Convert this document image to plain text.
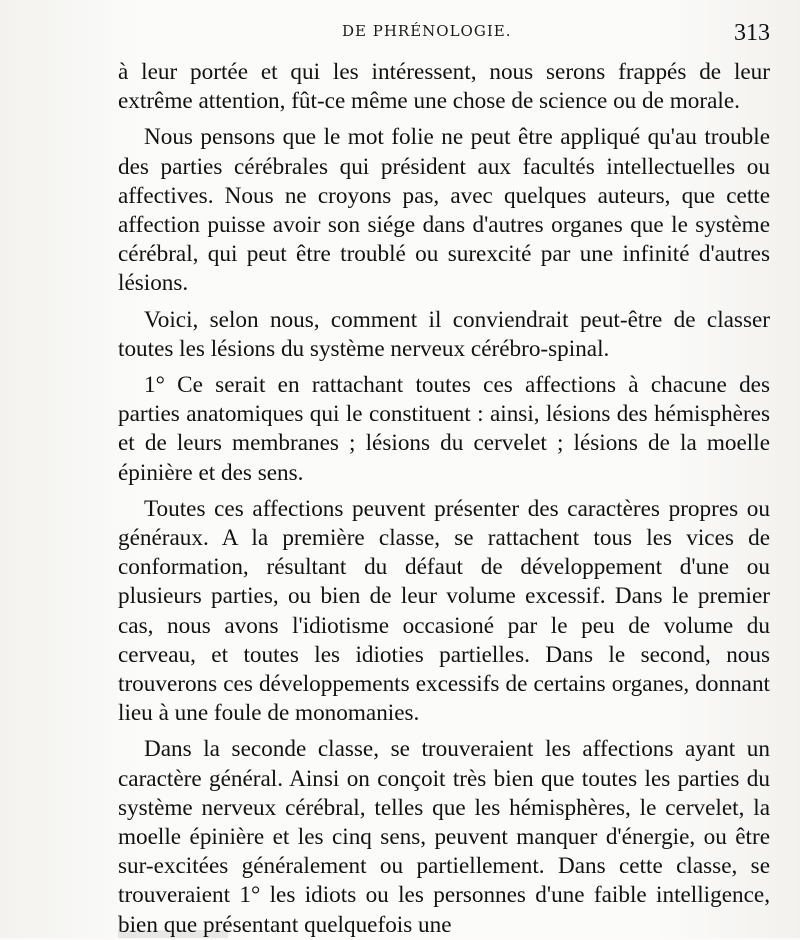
DE PHRÉNOLOGIE.	313

à leur portée et qui les intéressent, nous serons frappés de leur extrême attention, fût-ce même une chose de science ou de morale.

Nous pensons que le mot folie ne peut être appliqué qu'au trouble des parties cérébrales qui président aux facultés intellectuelles ou affectives. Nous ne croyons pas, avec quelques auteurs, que cette affection puisse avoir son siége dans d'autres organes que le système cérébral, qui peut être troublé ou surexcité par une infinité d'autres lésions.

Voici, selon nous, comment il conviendrait peut-être de classer toutes les lésions du système nerveux cérébro-spinal.

1° Ce serait en rattachant toutes ces affections à chacune des parties anatomiques qui le constituent : ainsi, lésions des hémisphères et de leurs membranes ; lésions du cervelet ; lésions de la moelle épinière et des sens.

Toutes ces affections peuvent présenter des caractères propres ou généraux. A la première classe, se rattachent tous les vices de conformation, résultant du défaut de développement d'une ou plusieurs parties, ou bien de leur volume excessif. Dans le premier cas, nous avons l'idiotisme occasioné par le peu de volume du cerveau, et toutes les idioties partielles. Dans le second, nous trouverons ces développements excessifs de certains organes, donnant lieu à une foule de monomanies.

Dans la seconde classe, se trouveraient les affections ayant un caractère général. Ainsi on conçoit très bien que toutes les parties du système nerveux cérébral, telles que les hémisphères, le cervelet, la moelle épinière et les cinq sens, peuvent manquer d'énergie, ou être sur-excitées généralement ou partiellement. Dans cette classe, se trouveraient 1° les idiots ou les personnes d'une faible intelligence, bien que présentant quelquefois une
